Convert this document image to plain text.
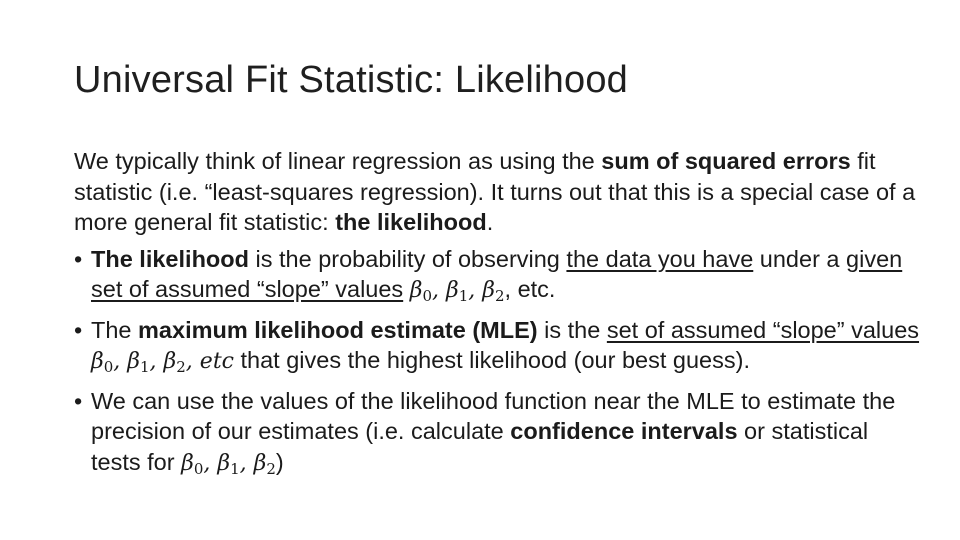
Universal Fit Statistic: Likelihood

We typically think of linear regression as using the sum of squared errors fit statistic (i.e. “least-squares regression). It turns out that this is a special case of a more general fit statistic: the likelihood.

• The likelihood is the probability of observing the data you have under a given set of assumed “slope” values $\beta_0$, $\beta_1$, $\beta_2$, etc.
• The maximum likelihood estimate (MLE) is the set of assumed “slope” values $\beta_0$, $\beta_1$, $\beta_2$, etc that gives the highest likelihood (our best guess).
• We can use the values of the likelihood function near the MLE to estimate the precision of our estimates (i.e. calculate confidence intervals or statistical tests for $\beta_0$, $\beta_1$, $\beta_2$)
